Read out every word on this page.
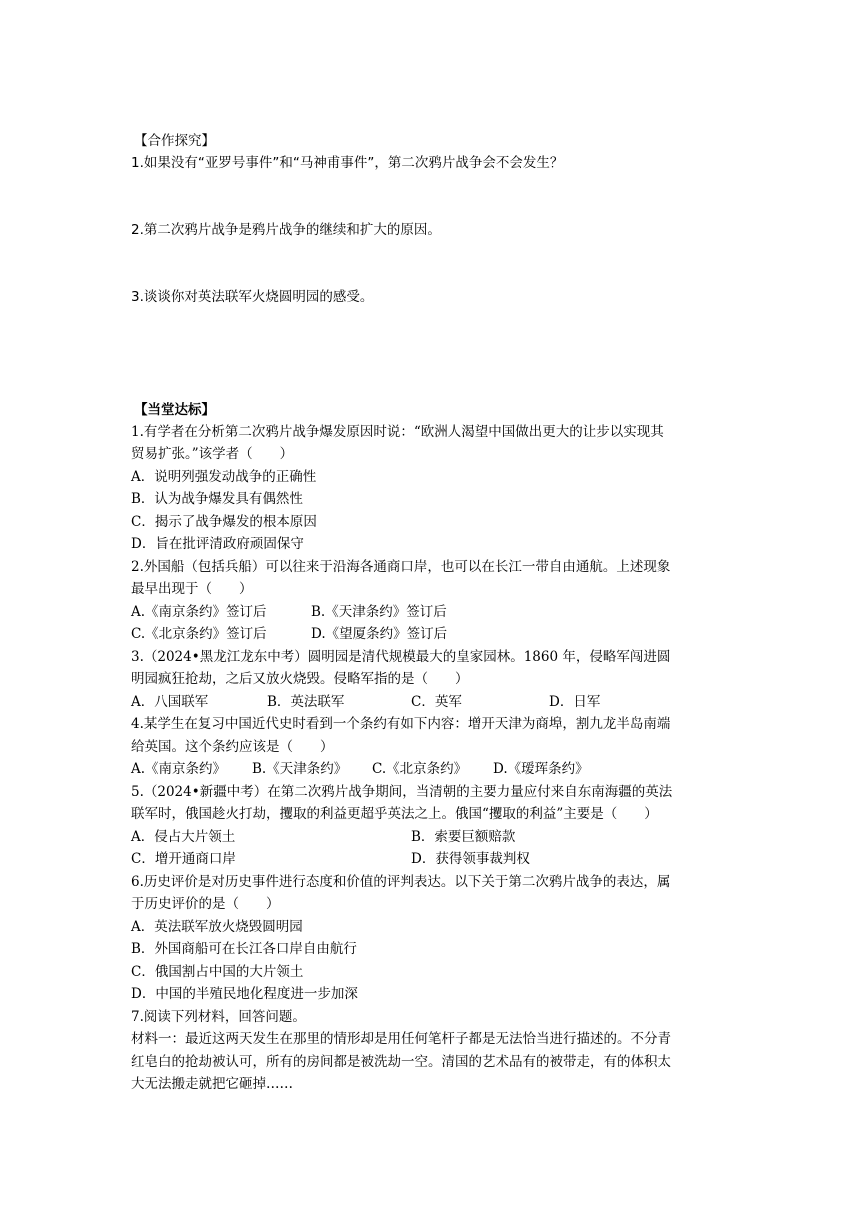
【合作探究】
1.如果没有“亚罗号事件”和“马神甫事件”，第二次鸦片战争会不会发生？
2.第二次鸦片战争是鸦片战争的继续和扩大的原因。
3.谈谈你对英法联军火烧圆明园的感受。
【当堂达标】
1.有学者在分析第二次鸦片战争爆发原因时说：“欧洲人渴望中国做出更大的让步以实现其
贸易扩张。”该学者（　　）
A．说明列强发动战争的正确性
B．认为战争爆发具有偶然性
C．揭示了战争爆发的根本原因
D．旨在批评清政府顽固保守
2.外国船（包括兵船）可以往来于沿海各通商口岸，也可以在长江一带自由通航。上述现象
最早出现于（　　）
A.《南京条约》签订后	B.《天津条约》签订后
C.《北京条约》签订后	D.《望厦条约》签订后
3.（2024•黑龙江龙东中考）圆明园是清代规模最大的皇家园林。1860 年，侵略军闯进圆
明园疯狂抢劫，之后又放火烧毁。侵略军指的是（　　）
A．八国联军	B．英法联军	C．英军	D．日军
4.某学生在复习中国近代史时看到一个条约有如下内容：增开天津为商埠，割九龙半岛南端
给英国。这个条约应该是（　　）
A.《南京条约》 B.《天津条约》 C.《北京条约》 D.《瑷珲条约》
5.（2024•新疆中考）在第二次鸦片战争期间，当清朝的主要力量应付来自东南海疆的英法
联军时，俄国趁火打劫，攫取的利益更超乎英法之上。俄国“攫取的利益”主要是（　　）
A．侵占大片领土	B．索要巨额赔款
C．增开通商口岸	D．获得领事裁判权
6.历史评价是对历史事件进行态度和价值的评判表达。以下关于第二次鸦片战争的表达，属
于历史评价的是（　　）
A．英法联军放火烧毁圆明园
B．外国商船可在长江各口岸自由航行
C．俄国割占中国的大片领土
D．中国的半殖民地化程度进一步加深
7.阅读下列材料，回答问题。
材料一：最近这两天发生在那里的情形却是用任何笔杆子都是无法恰当进行描述的。不分青
红皂白的抢劫被认可，所有的房间都是被洗劫一空。清国的艺术品有的被带走，有的体积太
大无法搬走就把它砸掉……
